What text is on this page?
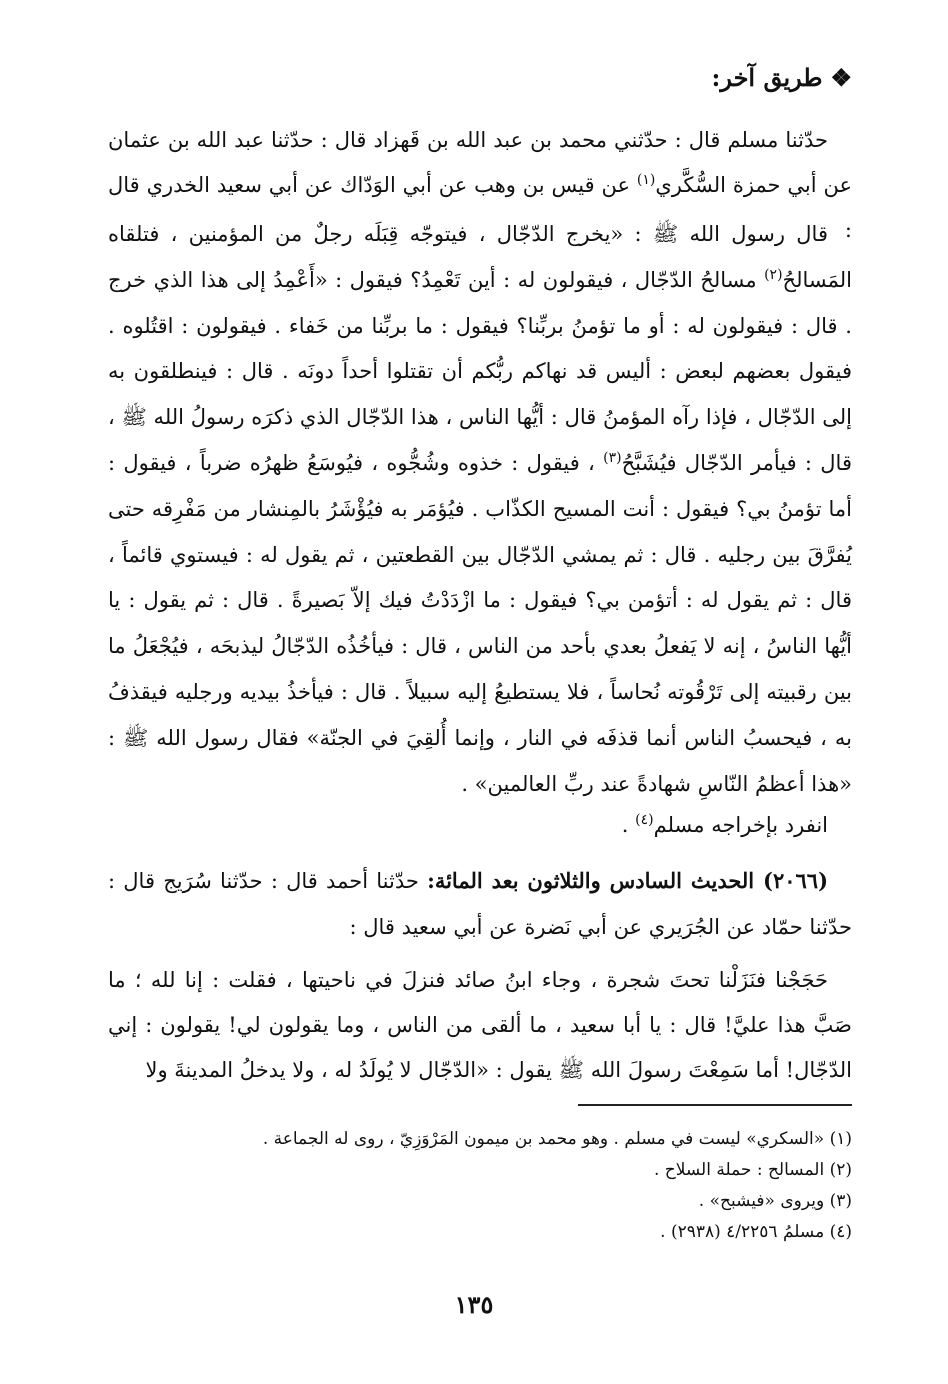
❖طريق آخر:

حدّثنا مسلم قال : حدّثني محمد بن عبد الله بن قَهزاد قال : حدّثنا عبد الله بن عثمان عن أبي حمزة السُّكَّري$^{(١)}$ عن قيس بن وهب عن أبي الوَدّاك عن أبي سعيد الخدري قال :

قال رسول الله ﷺ : «يخرج الدّجّال ، فيتوجّه قِبَلَه رجلٌ من المؤمنين ، فتلقاه المَسالحُ$^{(٢)}$ مسالحُ الدّجّال ، فيقولون له : أين تَعْمِدُ؟ فيقول : «أَعْمِدُ إلى هذا الذي خرج . قال : فيقولون له : أو ما تؤمنُ بربِّنا؟ فيقول : ما بربِّنا من خَفاء . فيقولون : اقتُلوه . فيقول بعضهم لبعض : أليس قد نهاكم ربُّكم أن تقتلوا أحداً دونَه . قال : فينطلقون به إلى الدّجّال ، فإذا رآه المؤمنُ قال : أيُّها الناس ، هذا الدّجّال الذي ذكرَه رسولُ الله ﷺ ، قال : فيأمر الدّجّال فيُشَبَّحُ$^{(٣)}$ ، فيقول : خذوه وشُجُّوه ، فيُوسَعُ ظهرُه ضرباً ، فيقول : أما تؤمنُ بي؟ فيقول : أنت المسيح الكذّاب . فيُؤمَر به فيُؤْشَرُ بالمِنشار من مَفْرِقه حتى يُفرَّقَ بين رجليه . قال : ثم يمشي الدّجّال بين القطعتين ، ثم يقول له : فيستوي قائماً ، قال : ثم يقول له : أتؤمن بي؟ فيقول : ما ازْدَدْتُ فيك إلاّ بَصيرةً . قال : ثم يقول : يا أيُّها الناسُ ، إنه لا يَفعلُ بعدي بأحد من الناس ، قال : فيأخُذُه الدّجّالُ ليذبحَه ، فيُجْعَلُ ما بين رقبيته إلى تَرْقُوته نُحاساً ، فلا يستطيعُ إليه سبيلاً . قال : فيأخذُ بيديه ورجليه فيقذفُ به ، فيحسبُ الناس أنما قذفَه في النار ، وإنما أُلقِيَ في الجنّة» فقال رسول الله ﷺ : «هذا أعظمُ النّاسِ شهادةً عند ربِّ العالمين» .

انفرد بإخراجه مسلم$^{(٤)}$ .

(٢٠٦٦) الحديث السادس والثلاثون بعد المائة: حدّثنا أحمد قال : حدّثنا سُرَيج قال : حدّثنا حمّاد عن الجُرَيري عن أبي نَضرة عن أبي سعيد قال :

حَجَجْنا فنَزَلْنا تحتَ شجرة ، وجاء ابنُ صائد فنزلَ في ناحيتها ، فقلت : إنا لله ؛ ما صَبَّ هذا عليَّ! قال : يا أبا سعيد ، ما ألقى من الناس ، وما يقولون لي! يقولون : إني الدّجّال! أما سَمِعْتَ رسولَ الله ﷺ يقول : «الدّجّال لا يُولَدُ له ، ولا يدخلُ المدينةَ ولا

(١) «السكري» ليست في مسلم . وهو محمد بن ميمون المَرْوَزِيّ ، روى له الجماعة .
(٢) المسالح : حملة السلاح .
(٣) ويروى «فيشبح» .
(٤) مسلمُ ٤/٢٢٥٦ (٢٩٣٨) .
١٣٥
